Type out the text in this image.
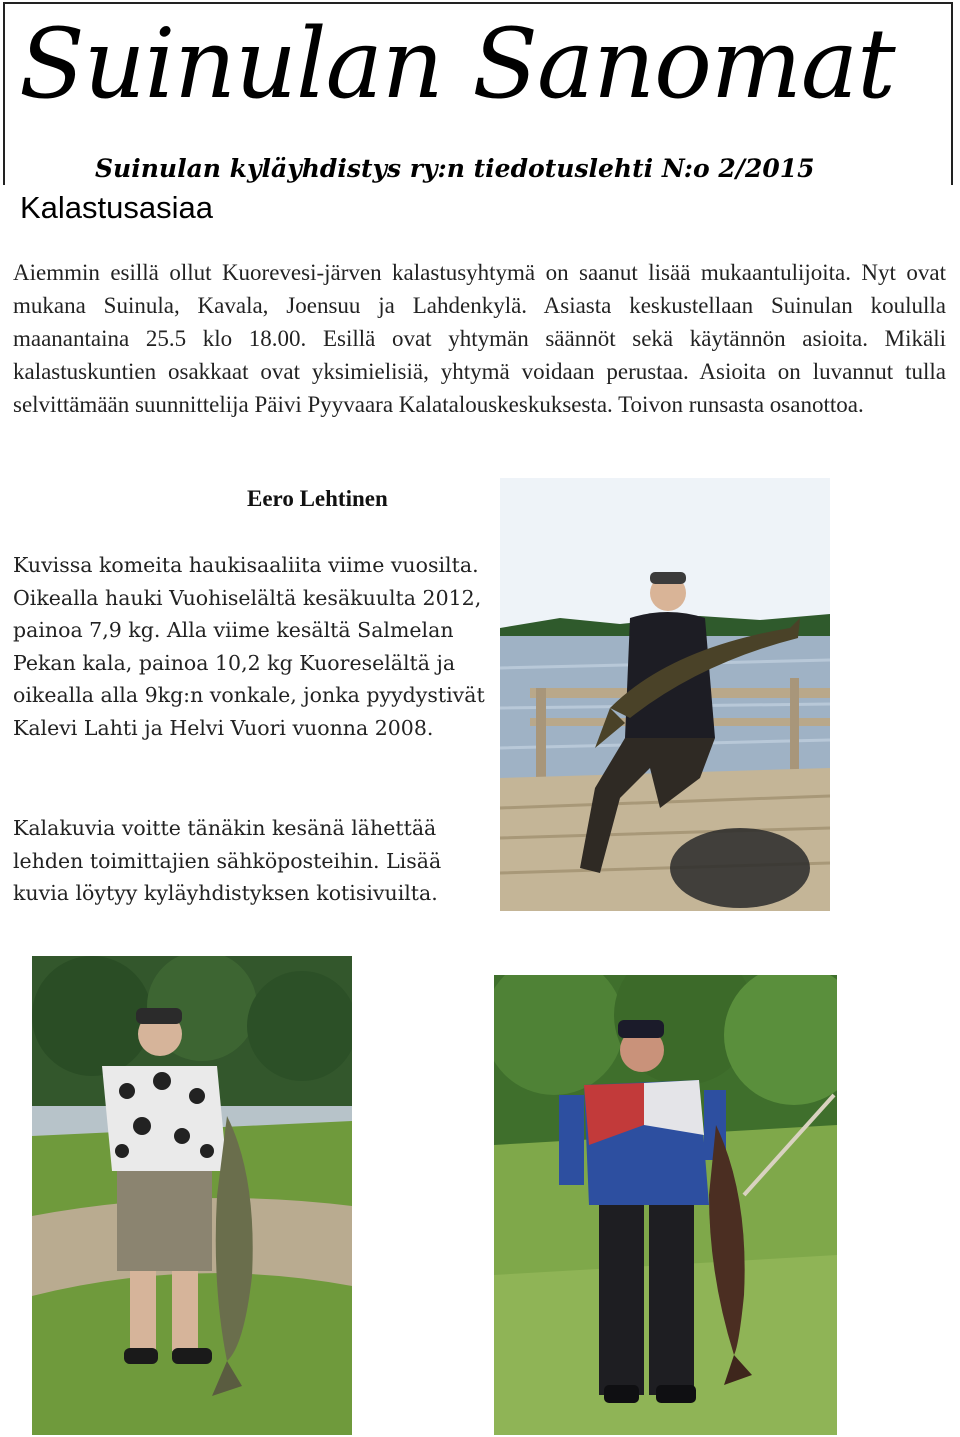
Suinulan Sanomat
Suinulan kyläyhdistys ry:n tiedotuslehti N:o 2/2015
Kalastusasiaa

Aiemmin esillä ollut Kuorevesi-järven kalastusyhtymä on saanut lisää mukaantulijoita. Nyt ovat mukana Suinula, Kavala, Joensuu ja Lahdenkylä. Asiasta keskustellaan Suinulan koululla maanantaina 25.5 klo 18.00. Esillä ovat yhtymän säännöt sekä käytännön asioita. Mikäli kalastuskuntien osakkaat ovat yksimielisiä, yhtymä voidaan perustaa. Asioita on luvannut tulla selvittämään suunnittelija Päivi Pyyvaara Kalatalouskeskuksesta. Toivon runsasta osanottoa.

Eero Lehtinen

Kuvissa komeita haukisaaliita viime vuosilta. Oikealla hauki Vuohiselältä kesäkuulta 2012, painoa 7,9 kg. Alla viime kesältä Salmelan Pekan kala, painoa 10,2 kg Kuoreselältä ja oikealla alla 9kg:n vonkale, jonka pyydystivät Kalevi Lahti ja Helvi Vuori vuonna 2008.

Kalakuvia voitte tänäkin kesänä lähettää lehden toimittajien sähköposteihin. Lisää kuvia löytyy kyläyhdistyksen kotisivuilta.
